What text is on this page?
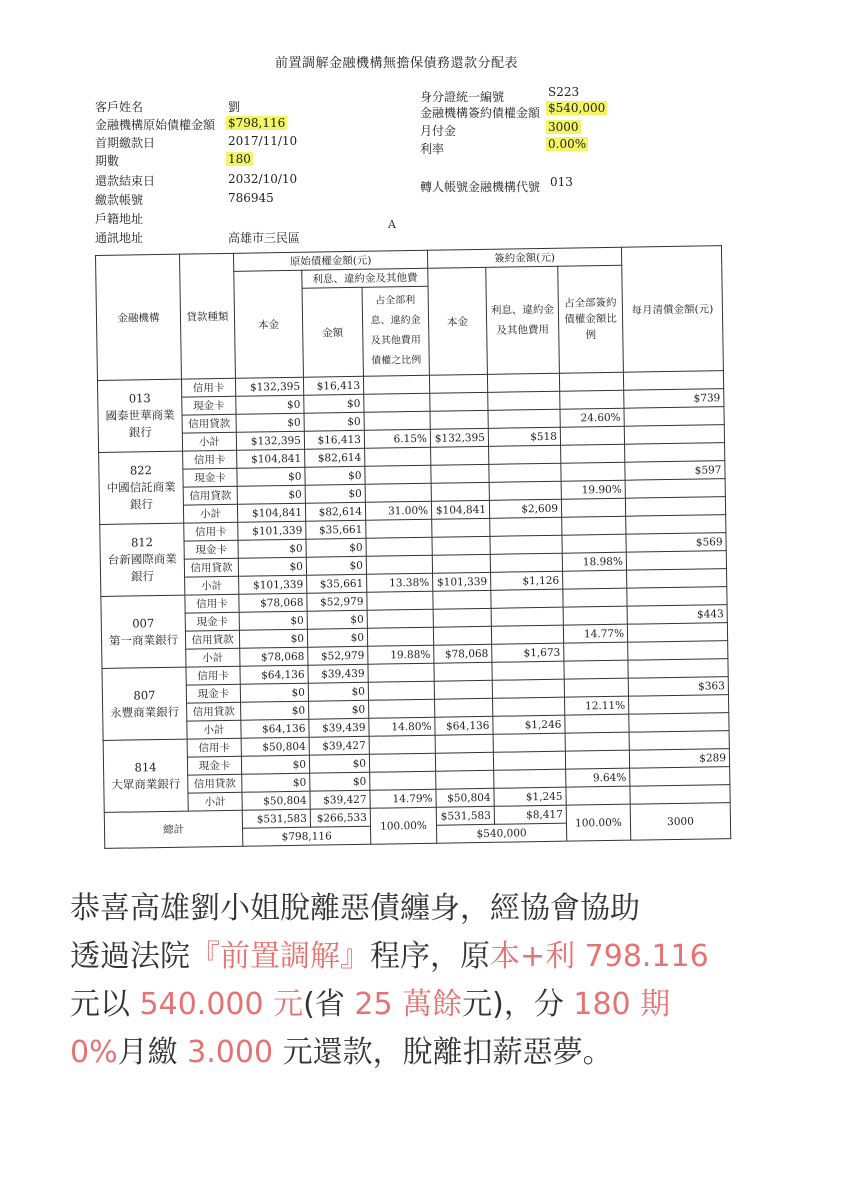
前置調解金融機構無擔保債務還款分配表
客戶姓名	劉
金融機構原始債權金額 $798,116
首期繳款日	2017/11/10
期數	180
還款結束日	2032/10/10
繳款帳號	786945
戶籍地址
通訊地址	高雄市三民區
身分證統一編號	S223
金融機構簽約債權金額 $540,000
月付金	3000
利率	0.00%
轉人帳號金融機構代號 013
A
金融機構	貸款種類	原始債權金額(元)			簽約金額(元)			每月清償金額(元)
		本金	利息、違約金及其他費		本金	利息、違約金及其他費用	占全部簽約債權金額比例	
			金額	占全部利息、違約金及其他費用債權之比例				
013
國泰世華商業
銀行	信用卡	$132,395	$16,413					
	現金卡	$0	$0					$739
	信用貸款	$0	$0				24.60%	
	小計	$132,395	$16,413	6.15%	$132,395	$518		
822
中國信託商業
銀行	信用卡	$104,841	$82,614					
	現金卡	$0	$0					$597
	信用貸款	$0	$0				19.90%	
	小計	$104,841	$82,614	31.00%	$104,841	$2,609		
812
台新國際商業
銀行	信用卡	$101,339	$35,661					
	現金卡	$0	$0					$569
	信用貸款	$0	$0				18.98%	
	小計	$101,339	$35,661	13.38%	$101,339	$1,126		
007
第一商業銀行	信用卡	$78,068	$52,979					
	現金卡	$0	$0					$443
	信用貸款	$0	$0				14.77%	
	小計	$78,068	$52,979	19.88%	$78,068	$1,673		
807
永豐商業銀行	信用卡	$64,136	$39,439					
	現金卡	$0	$0					$363
	信用貸款	$0	$0				12.11%	
	小計	$64,136	$39,439	14.80%	$64,136	$1,246		
814
大眾商業銀行	信用卡	$50,804	$39,427					
	現金卡	$0	$0					$289
	信用貸款	$0	$0				9.64%	
	小計	$50,804	$39,427	14.79%	$50,804	$1,245		
總計		$531,583	$266,533	100.00%	$531,583	$8,417	100.00%	3000
		$798,116			$540,000			
恭喜高雄劉小姐脫離惡債纏身，經協會協助
透過法院『前置調解』程序，原本+利 798.116
元以 540.000 元(省 25 萬餘元)，分 180 期
0%月繳 3.000 元還款，脫離扣薪惡夢。
